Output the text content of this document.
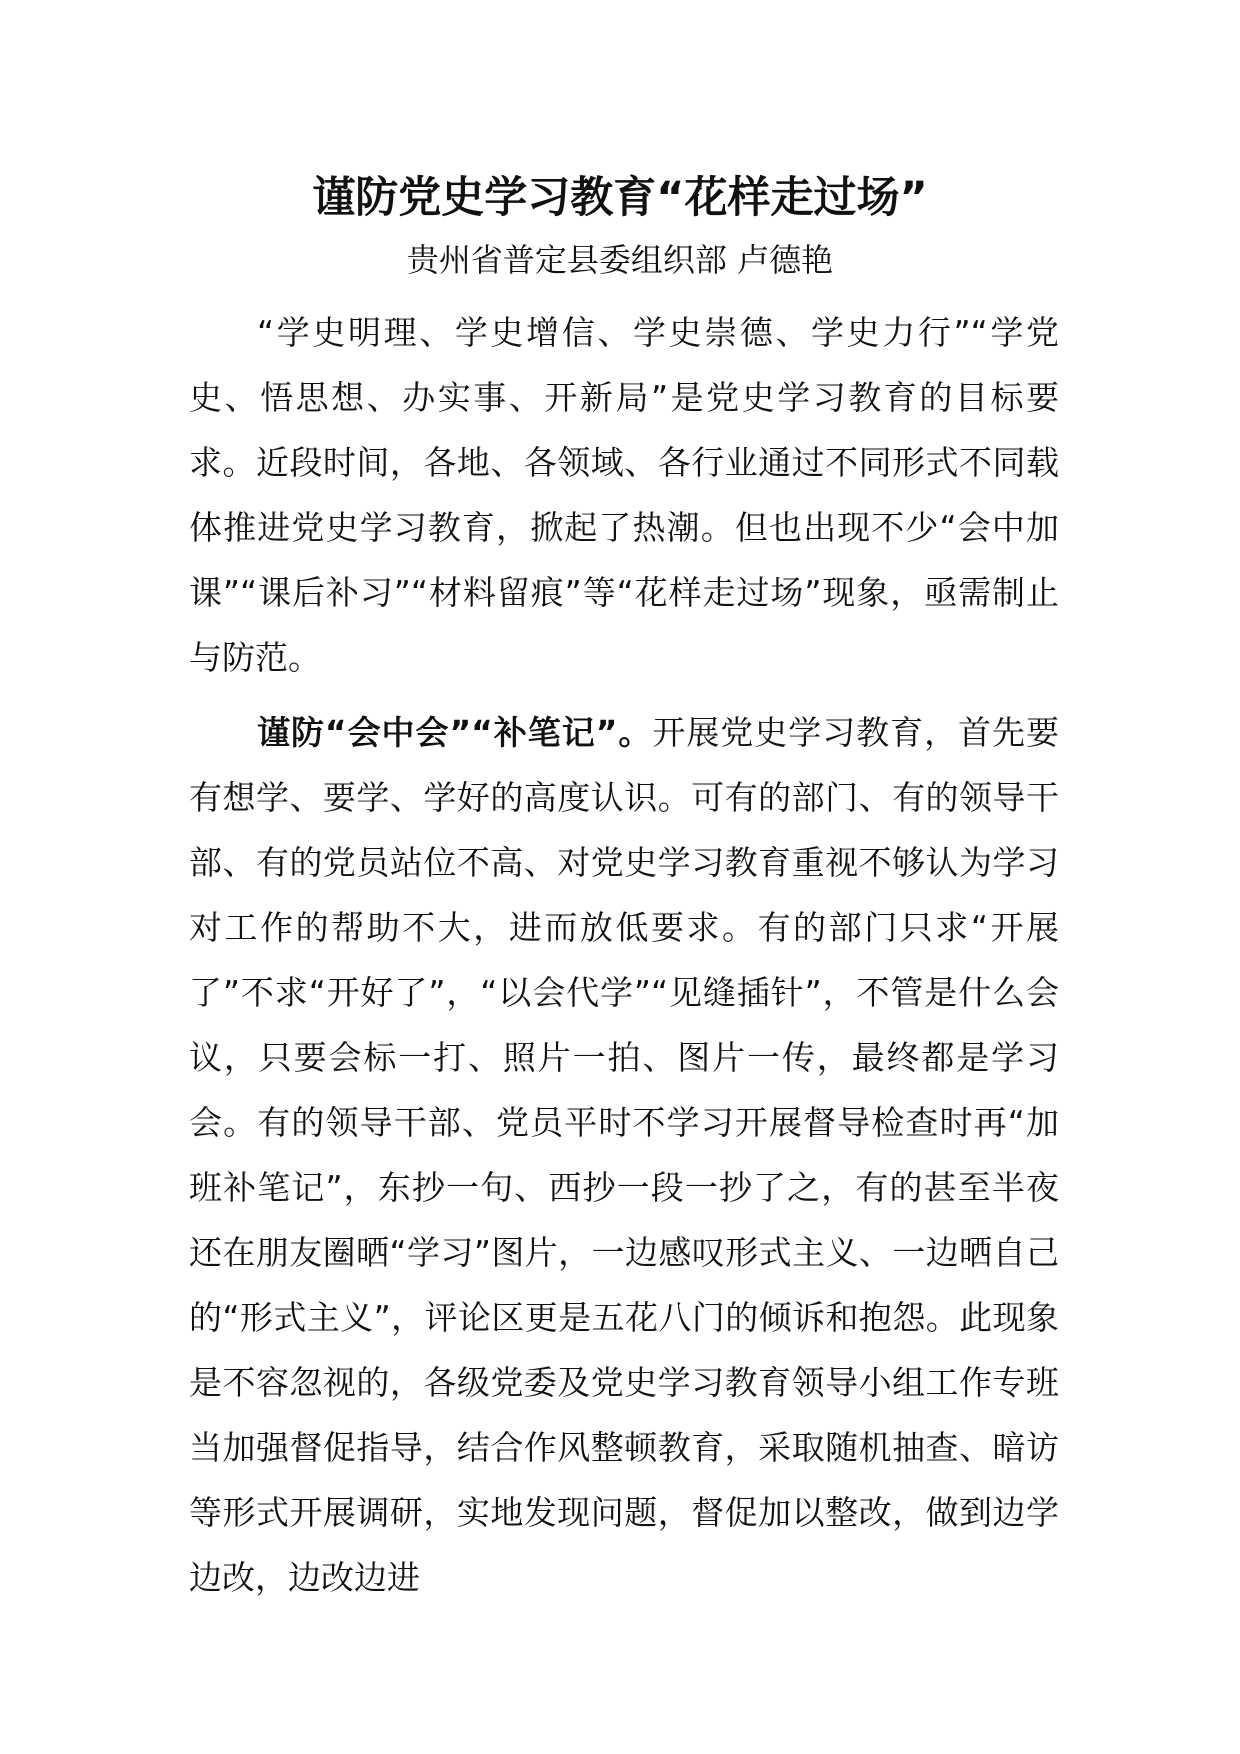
谨防党史学习教育“花样走过场”

贵州省普定县委组织部 卢德艳

“学史明理、学史增信、学史崇德、学史力行”“学党史、悟思想、办实事、开新局”是党史学习教育的目标要求。近段时间，各地、各领域、各行业通过不同形式不同载体推进党史学习教育，掀起了热潮。但也出现不少“会中加课”“课后补习”“材料留痕”等“花样走过场”现象，亟需制止与防范。

谨防“会中会”“补笔记”。开展党史学习教育，首先要有想学、要学、学好的高度认识。可有的部门、有的领导干部、有的党员站位不高、对党史学习教育重视不够认为学习对工作的帮助不大，进而放低要求。有的部门只求“开展了”不求“开好了”，“以会代学”“见缝插针”，不管是什么会议，只要会标一打、照片一拍、图片一传，最终都是学习会。有的领导干部、党员平时不学习开展督导检查时再“加班补笔记”，东抄一句、西抄一段一抄了之，有的甚至半夜还在朋友圈晒“学习”图片，一边感叹形式主义、一边晒自己的“形式主义”，评论区更是五花八门的倾诉和抱怨。此现象是不容忽视的，各级党委及党史学习教育领导小组工作专班当加强督促指导，结合作风整顿教育，采取随机抽查、暗访等形式开展调研，实地发现问题，督促加以整改，做到边学边改，边改边进
